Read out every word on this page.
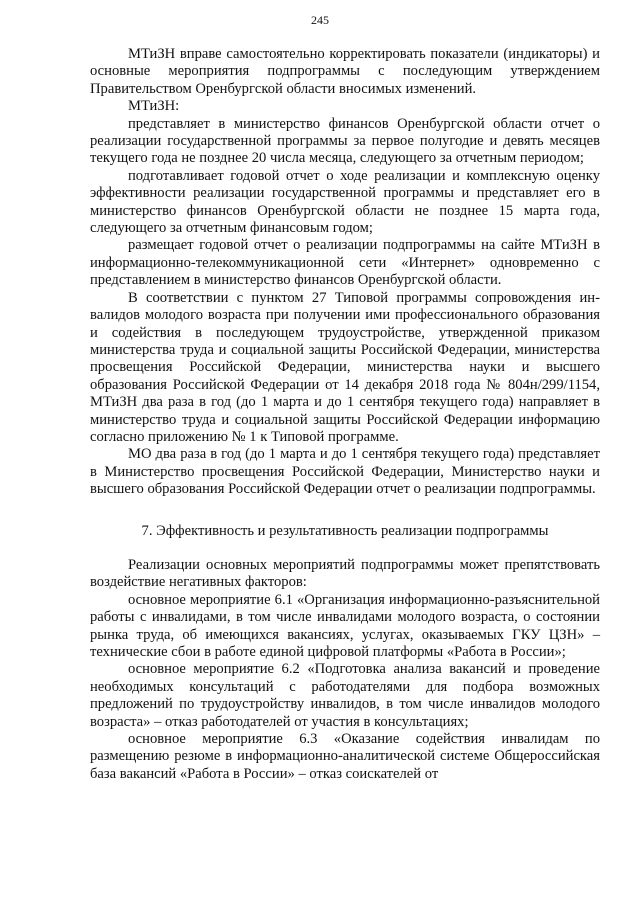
245

МТиЗН вправе самостоятельно корректировать показатели (индикаторы) и основные мероприятия подпрограммы с последующим утверждением Правительством Оренбургской области вносимых изменений.

МТиЗН:

представляет в министерство финансов Оренбургской области отчет о реализации государственной программы за первое полугодие и девять месяцев текущего года не позднее 20 числа месяца, следующего за отчетным периодом;

подготавливает годовой отчет о ходе реализации и комплексную оценку эффективности реализации государственной программы и представляет его в министерство финансов Оренбургской области не позднее 15 марта года, следующего за отчетным финансовым годом;

размещает годовой отчет о реализации подпрограммы на сайте МТиЗН в информационно-телекоммуникационной сети «Интернет» одновременно с представлением в министерство финансов Оренбургской области.

В соответствии с пунктом 27 Типовой программы сопровождения инвалидов молодого возраста при получении ими профессионального образования и содействия в последующем трудоустройстве, утвержденной приказом министерства труда и социальной защиты Российской Федерации, министерства просвещения Российской Федерации, министерства науки и высшего образования Российской Федерации от 14 декабря 2018 года № 804н/299/1154, МТиЗН два раза в год (до 1 марта и до 1 сентября текущего года) направляет в министерство труда и социальной защиты Российской Федерации информацию согласно приложению № 1 к Типовой программе.

МО два раза в год (до 1 марта и до 1 сентября текущего года) представляет в Министерство просвещения Российской Федерации, Министерство науки и высшего образования Российской Федерации отчет о реализации подпрограммы.

7. Эффективность и результативность реализации подпрограммы

Реализации основных мероприятий подпрограммы может препятствовать воздействие негативных факторов:

основное мероприятие 6.1 «Организация информационно-разъяснительной работы с инвалидами, в том числе инвалидами молодого возраста, о состоянии рынка труда, об имеющихся вакансиях, услугах, оказываемых ГКУ ЦЗН» – технические сбои в работе единой цифровой платформы «Работа в России»;

основное мероприятие 6.2 «Подготовка анализа вакансий и проведение необходимых консультаций с работодателями для подбора возможных предложений по трудоустройству инвалидов, в том числе инвалидов молодого возраста» – отказ работодателей от участия в консультациях;

основное мероприятие 6.3 «Оказание содействия инвалидам по размещению резюме в информационно-аналитической системе Общероссийская база вакансий «Работа в России» – отказ соискателей от
